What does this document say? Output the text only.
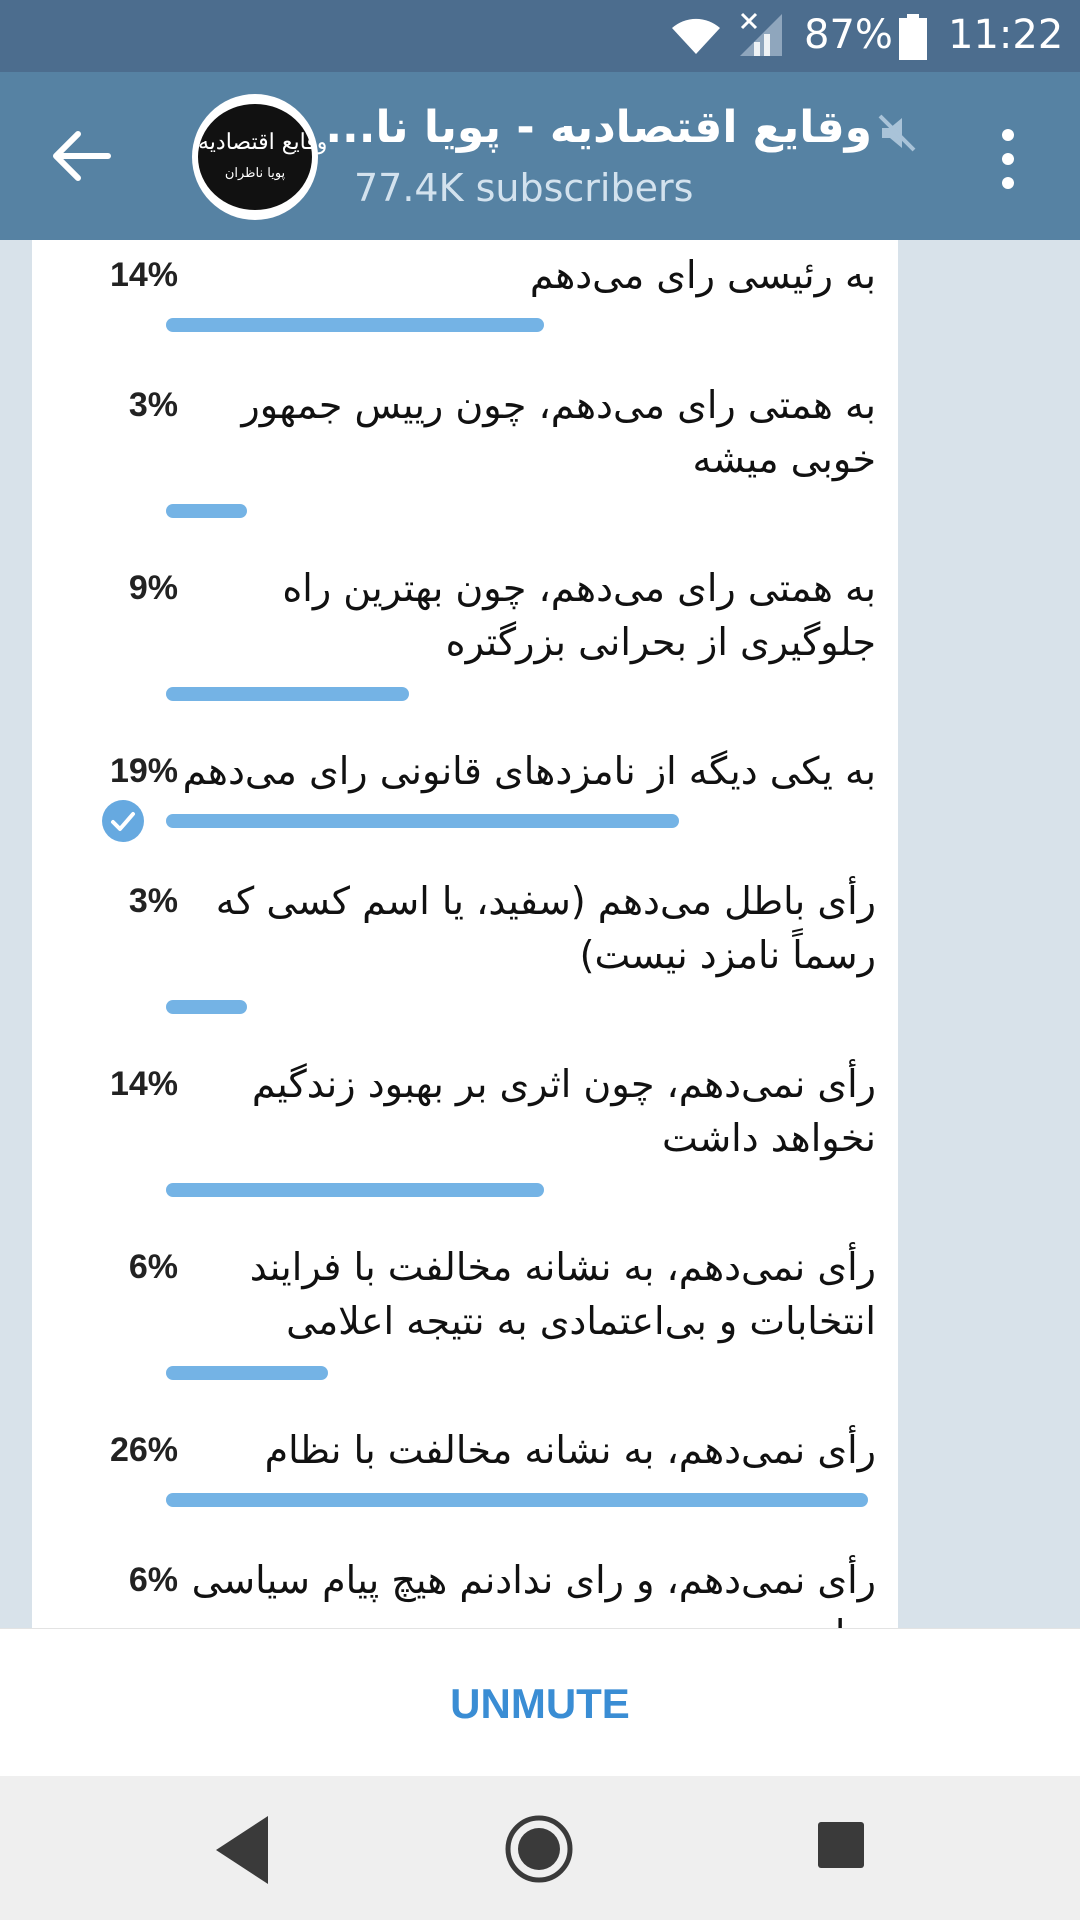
87% 11:22
وقایع اقتصادیه
پویا ناظران
وقایع اقتصادیه - پویا نا...
77.4K subscribers
14%	به رئیسی رای می‌دهم
3%	به همتی رای می‌دهم، چون رییس جمهور خوبی میشه
9%	به همتی رای می‌دهم، چون بهترین راه جلوگیری از بحرانی بزرگتره
19% به یکی دیگه از نامزدهای قانونی رای می‌دهم
3% رأی باطل می‌دهم (سفید، یا اسم کسی که رسماً نامزد نیست)
14%	رأی نمی‌دهم، چون اثری بر بهبود زندگیم نخواهد داشت
6%	رأی نمی‌دهم، به نشانه مخالفت با فرایند انتخابات و بی‌اعتمادی به نتیجه اعلامی
26%	رأی نمی‌دهم، به نشانه مخالفت با نظام
6%	رأی نمی‌دهم، و رای ندادنم هیچ پیام سیاسی
UNMUTE
